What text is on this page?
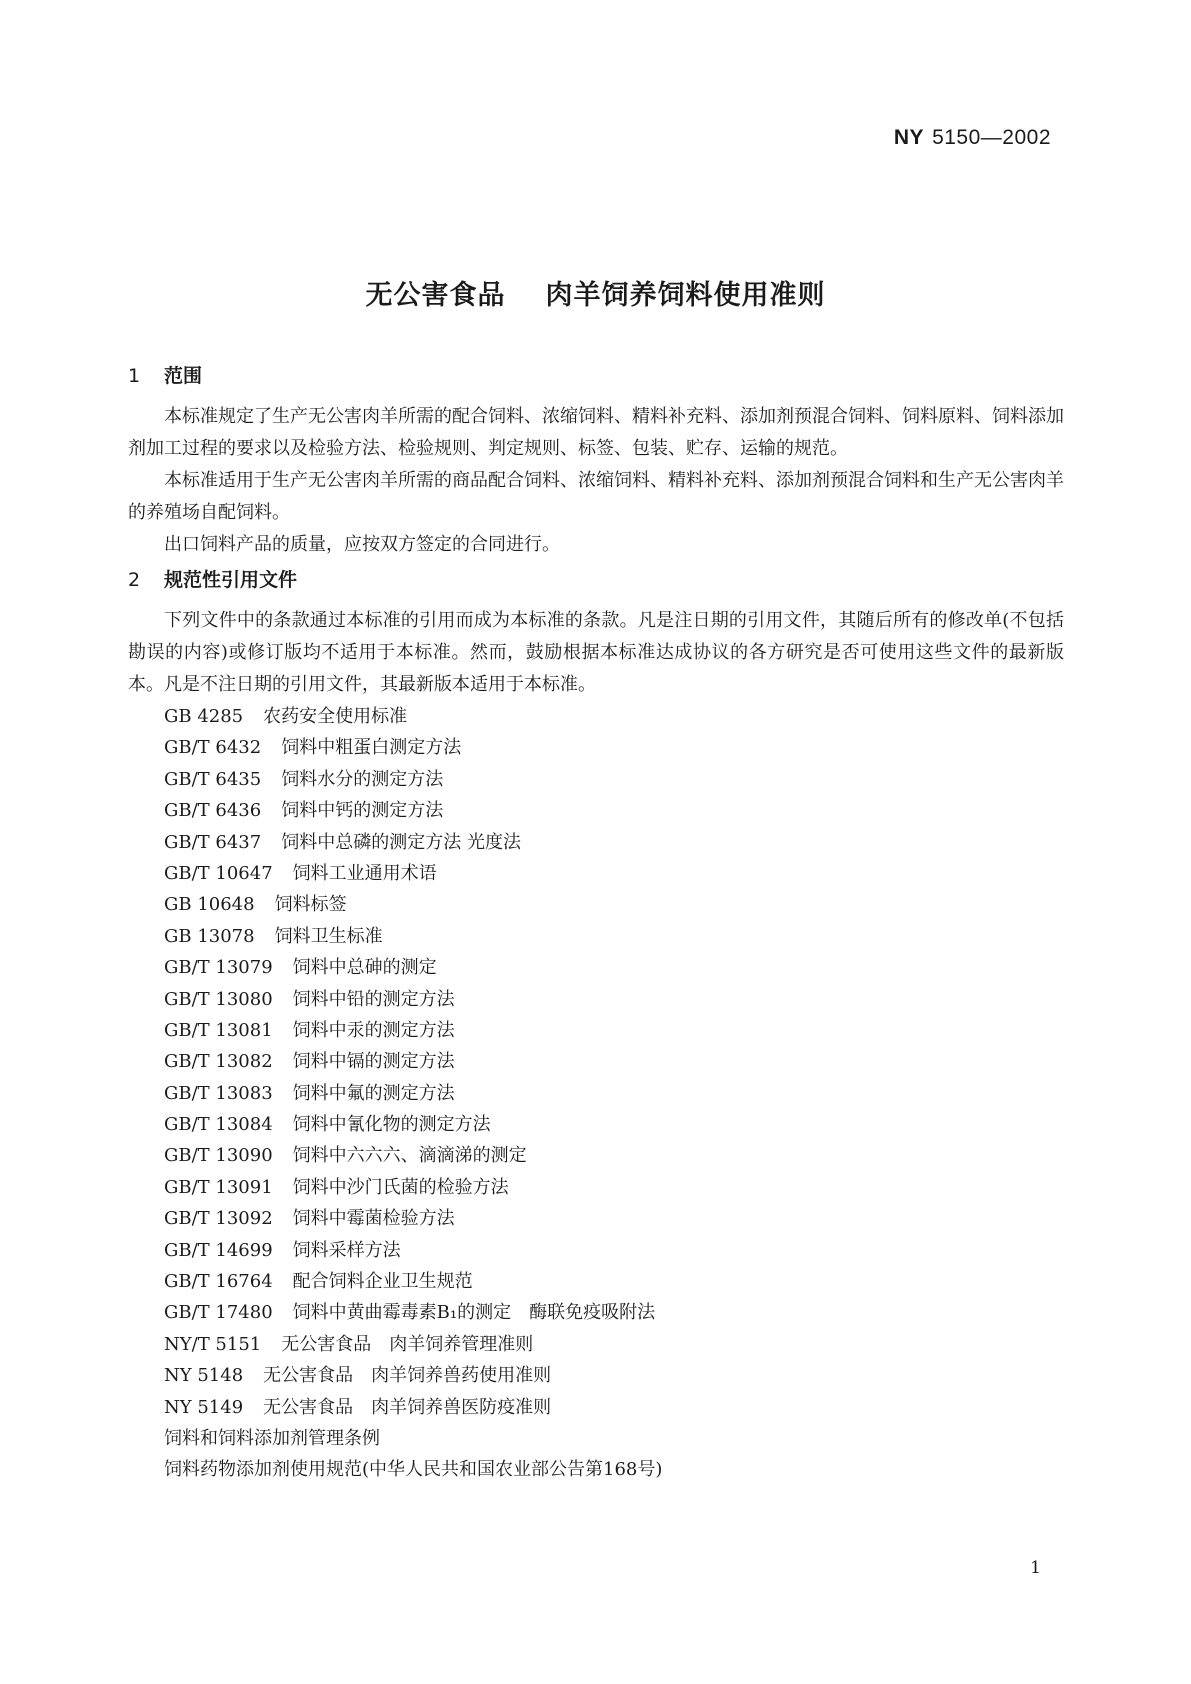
NY 5150—2002
无公害食品 肉羊饲养饲料使用准则
1 范围

本标准规定了生产无公害肉羊所需的配合饲料、浓缩饲料、精料补充料、添加剂预混合饲料、饲料原料、饲料添加剂加工过程的要求以及检验方法、检验规则、判定规则、标签、包装、贮存、运输的规范。

本标准适用于生产无公害肉羊所需的商品配合饲料、浓缩饲料、精料补充料、添加剂预混合饲料和生产无公害肉羊的养殖场自配饲料。

出口饲料产品的质量，应按双方签定的合同进行。

2 规范性引用文件

下列文件中的条款通过本标准的引用而成为本标准的条款。凡是注日期的引用文件，其随后所有的修改单(不包括勘误的内容)或修订版均不适用于本标准。然而，鼓励根据本标准达成协议的各方研究是否可使用这些文件的最新版本。凡是不注日期的引用文件，其最新版本适用于本标准。

GB 4285 农药安全使用标准
GB/T 6432 饲料中粗蛋白测定方法
GB/T 6435 饲料水分的测定方法
GB/T 6436 饲料中钙的测定方法
GB/T 6437 饲料中总磷的测定方法 光度法
GB/T 10647 饲料工业通用术语
GB 10648 饲料标签
GB 13078 饲料卫生标准
GB/T 13079 饲料中总砷的测定
GB/T 13080 饲料中铅的测定方法
GB/T 13081 饲料中汞的测定方法
GB/T 13082 饲料中镉的测定方法
GB/T 13083 饲料中氟的测定方法
GB/T 13084 饲料中氰化物的测定方法
GB/T 13090 饲料中六六六、滴滴涕的测定
GB/T 13091 饲料中沙门氏菌的检验方法
GB/T 13092 饲料中霉菌检验方法
GB/T 14699 饲料采样方法
GB/T 16764 配合饲料企业卫生规范
GB/T 17480 饲料中黄曲霉毒素B₁的测定　酶联免疫吸附法
NY/T 5151 无公害食品　肉羊饲养管理准则
NY 5148 无公害食品　肉羊饲养兽药使用准则
NY 5149 无公害食品　肉羊饲养兽医防疫准则
饲料和饲料添加剂管理条例
饲料药物添加剂使用规范(中华人民共和国农业部公告第168号)
1
